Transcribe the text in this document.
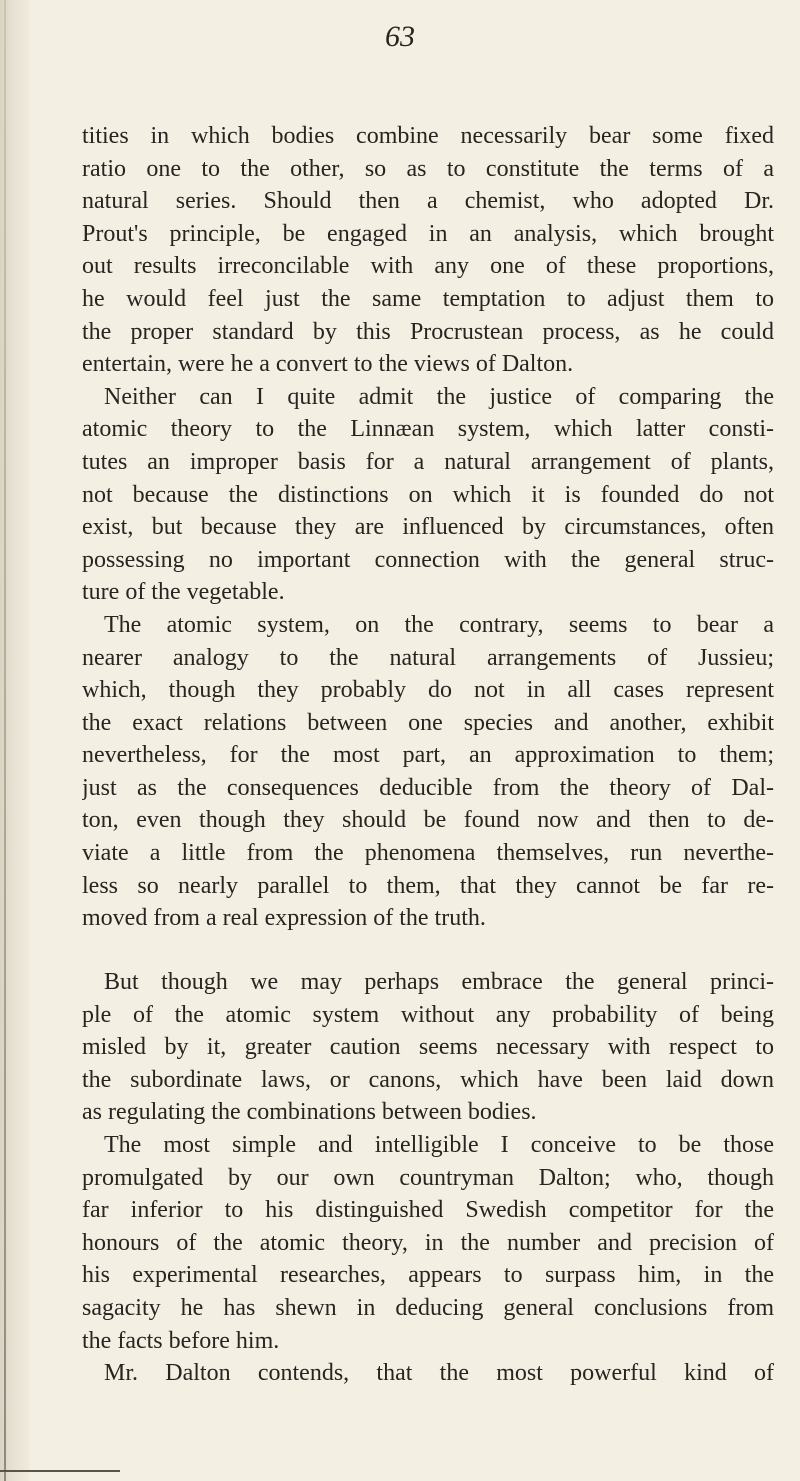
63
tities in which bodies combine necessarily bear some fixed
ratio one to the other, so as to constitute the terms of a
natural series. Should then a chemist, who adopted Dr.
Prout's principle, be engaged in an analysis, which brought
out results irreconcilable with any one of these proportions,
he would feel just the same temptation to adjust them to
the proper standard by this Procrustean process, as he could
entertain, were he a convert to the views of Dalton.
Neither can I quite admit the justice of comparing the
atomic theory to the Linnæan system, which latter consti-
tutes an improper basis for a natural arrangement of plants,
not because the distinctions on which it is founded do not
exist, but because they are influenced by circumstances, often
possessing no important connection with the general struc-
ture of the vegetable.
The atomic system, on the contrary, seems to bear a
nearer analogy to the natural arrangements of Jussieu;
which, though they probably do not in all cases represent
the exact relations between one species and another, exhibit
nevertheless, for the most part, an approximation to them;
just as the consequences deducible from the theory of Dal-
ton, even though they should be found now and then to de-
viate a little from the phenomena themselves, run neverthe-
less so nearly parallel to them, that they cannot be far re-
moved from a real expression of the truth.
But though we may perhaps embrace the general princi-
ple of the atomic system without any probability of being
misled by it, greater caution seems necessary with respect to
the subordinate laws, or canons, which have been laid down
as regulating the combinations between bodies.
The most simple and intelligible I conceive to be those
promulgated by our own countryman Dalton; who, though
far inferior to his distinguished Swedish competitor for the
honours of the atomic theory, in the number and precision of
his experimental researches, appears to surpass him, in the
sagacity he has shewn in deducing general conclusions from
the facts before him.
Mr. Dalton contends, that the most powerful kind of
